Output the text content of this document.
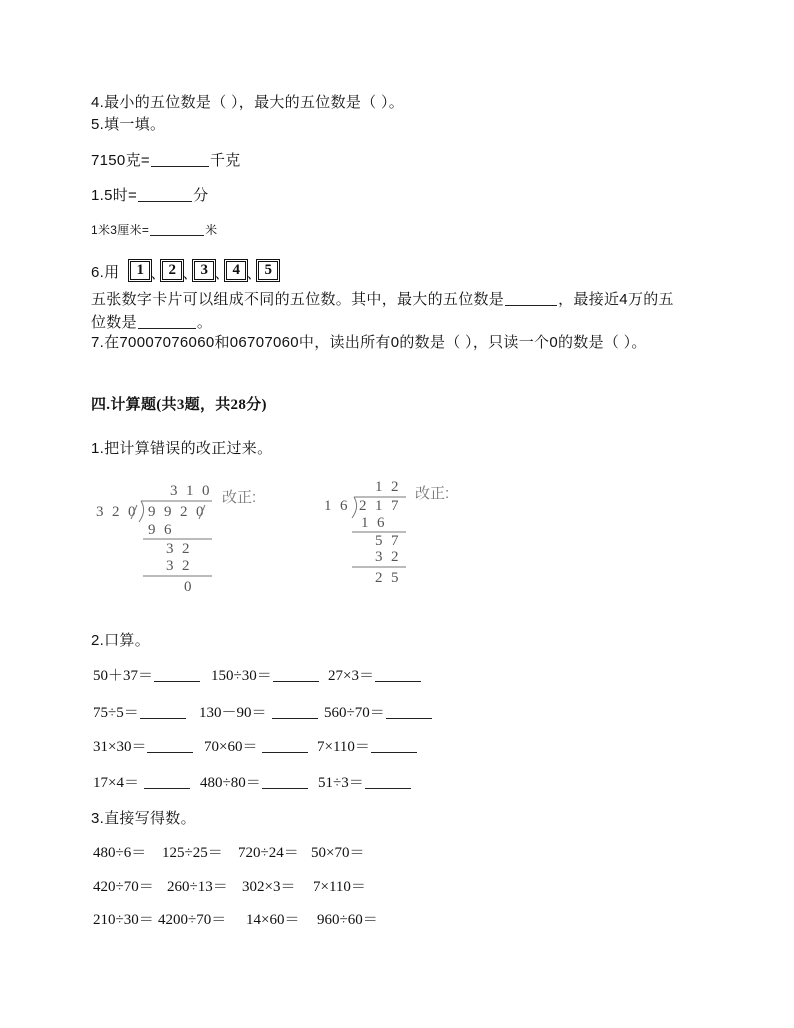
4.最小的五位数是（ ），最大的五位数是（ ）。
5.填一填。
7150克=	千克
1.5时=	分
1米3厘米=	米
6.用	1 、 2 、 3 、 4 、 5
五张数字卡片可以组成不同的五位数。其中，最大的五位数是	，最接近4万的五
位数是	。
7.在70007076060和06707060中，读出所有0的数是（ ），只读一个0的数是（ ）。
四.计算题(共3题，共28分)
1.把计算错误的改正过来。
310
320 9920
96
32
32
0
改正:
12
16 217
16
57
32
25
改正:
2.口算。
50＋37＝	150÷30＝	27×3＝
75÷5＝	130－90＝	560÷70＝
31×30＝	70×60＝	7×110＝
17×4＝	480÷80＝	51÷3＝
3.直接写得数。
480÷6＝ 125÷25＝ 720÷24＝ 50×70＝
420÷70＝ 260÷13＝ 302×3＝ 7×110＝
210÷30＝ 4200÷70＝ 14×60＝ 960÷60＝
